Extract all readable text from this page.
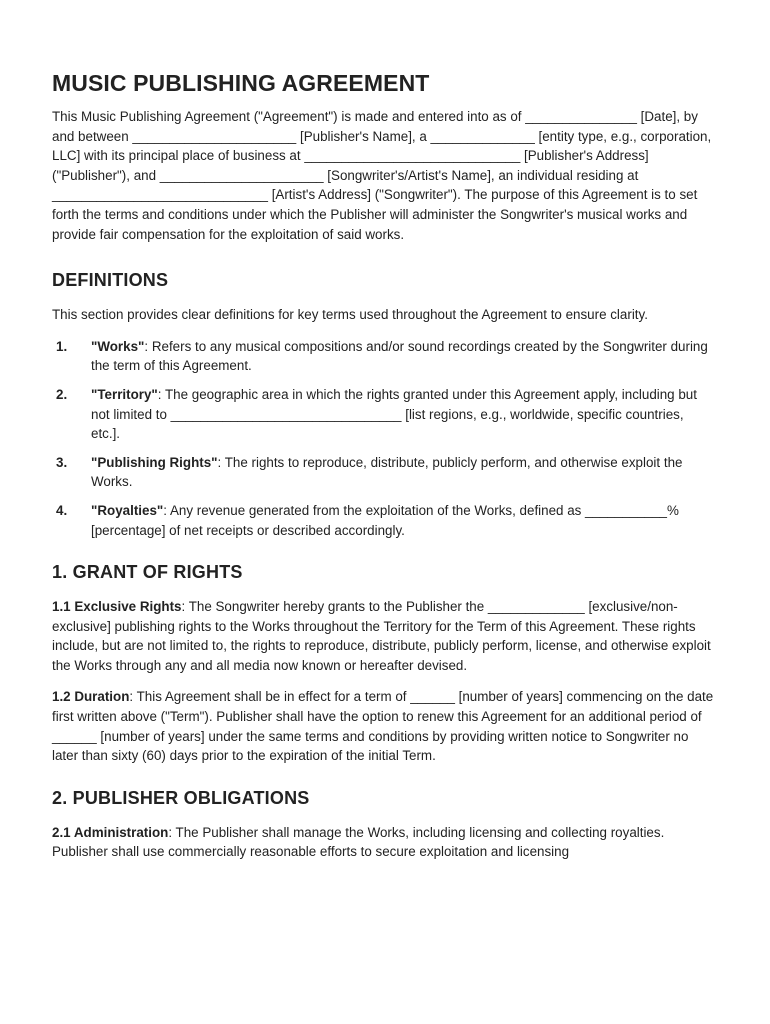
MUSIC PUBLISHING AGREEMENT

This Music Publishing Agreement ("Agreement") is made and entered into as of _______________ [Date], by and between ______________________ [Publisher's Name], a ______________ [entity type, e.g., corporation, LLC] with its principal place of business at _____________________________ [Publisher's Address] ("Publisher"), and ______________________ [Songwriter's/Artist's Name], an individual residing at _____________________________ [Artist's Address] ("Songwriter"). The purpose of this Agreement is to set forth the terms and conditions under which the Publisher will administer the Songwriter's musical works and provide fair compensation for the exploitation of said works.

DEFINITIONS

This section provides clear definitions for key terms used throughout the Agreement to ensure clarity.

1. "Works": Refers to any musical compositions and/or sound recordings created by the Songwriter during the term of this Agreement.
2. "Territory": The geographic area in which the rights granted under this Agreement apply, including but not limited to _______________________________ [list regions, e.g., worldwide, specific countries, etc.].
3. "Publishing Rights": The rights to reproduce, distribute, publicly perform, and otherwise exploit the Works.
4. "Royalties": Any revenue generated from the exploitation of the Works, defined as ___________% [percentage] of net receipts or described accordingly.
1. GRANT OF RIGHTS

1.1 Exclusive Rights: The Songwriter hereby grants to the Publisher the _____________ [exclusive/non-exclusive] publishing rights to the Works throughout the Territory for the Term of this Agreement. These rights include, but are not limited to, the rights to reproduce, distribute, publicly perform, license, and otherwise exploit the Works through any and all media now known or hereafter devised.

1.2 Duration: This Agreement shall be in effect for a term of ______ [number of years] commencing on the date first written above ("Term"). Publisher shall have the option to renew this Agreement for an additional period of ______ [number of years] under the same terms and conditions by providing written notice to Songwriter no later than sixty (60) days prior to the expiration of the initial Term.

2. PUBLISHER OBLIGATIONS

2.1 Administration: The Publisher shall manage the Works, including licensing and collecting royalties. Publisher shall use commercially reasonable efforts to secure exploitation and licensing
